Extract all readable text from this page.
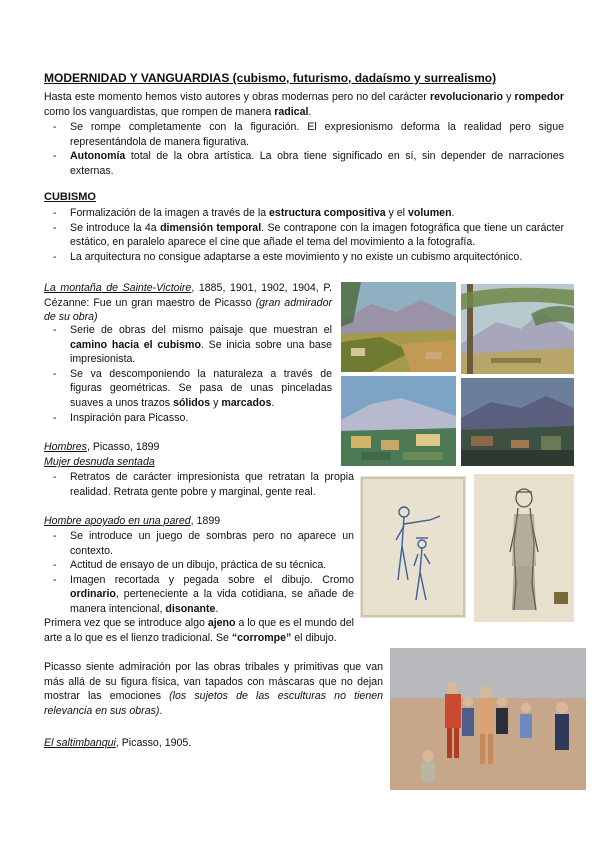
MODERNIDAD Y VANGUARDIAS (cubismo, futurismo, dadaísmo y surrealismo)
Hasta este momento hemos visto autores y obras modernas pero no del carácter revolucionario y rompedor como los vanguardistas, que rompen de manera radical.
- Se rompe completamente con la figuración. El expresionismo deforma la realidad pero sigue representándola de manera figurativa.
- Autonomía total de la obra artística. La obra tiene significado en sí, sin depender de narraciones externas.
CUBISMO
- Formalización de la imagen a través de la estructura compositiva y el volumen.
- Se introduce la 4a dimensión temporal. Se contrapone con la imagen fotográfica que tiene un carácter estático, en paralelo aparece el cine que añade el tema del movimiento a la fotografía.
- La arquitectura no consigue adaptarse a este movimiento y no existe un cubismo arquitectónico.
La montaña de Sainte-Victoire, 1885, 1901, 1902, 1904, P. Cézanne: Fue un gran maestro de Picasso (gran admirador de su obra)
- Serie de obras del mismo paisaje que muestran el camino hacia el cubismo. Se inicia sobre una base impresionista.
- Se va descomponiendo la naturaleza a través de figuras geométricas. Se pasa de unas pinceladas suaves a unos trazos sólidos y marcados.
- Inspiración para Picasso.
Hombres, Picasso, 1899
Mujer desnuda sentada
- Retratos de carácter impresionista que retratan la propia realidad. Retrata gente pobre y marginal, gente real.
Hombre apoyado en una pared, 1899
- Se introduce un juego de sombras pero no aparece un contexto.
- Actitud de ensayo de un dibujo, práctica de su técnica.
- Imagen recortada y pegada sobre el dibujo. Cromo ordinario, perteneciente a la vida cotidiana, se añade de manera intencional, disonante.
Primera vez que se introduce algo ajeno a lo que es el mundo del arte a lo que es el lienzo tradicional. Se “corrompe” el dibujo.
Picasso siente admiración por las obras tribales y primitivas que van más allá de su figura física, van tapados con máscaras que no dejan mostrar las emociones (los sujetos de las esculturas no tienen relevancia en sus obras).
El saltimbanqui, Picasso, 1905.
